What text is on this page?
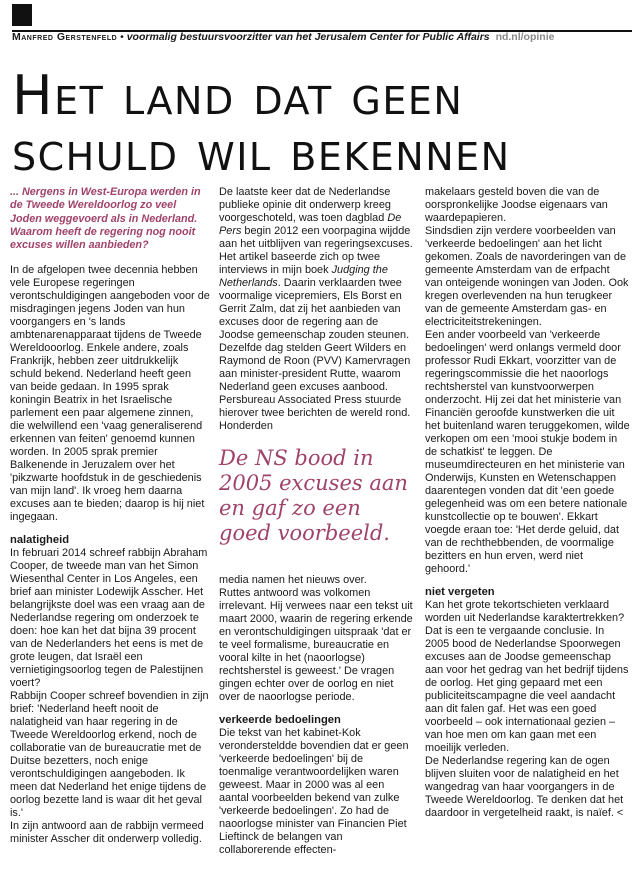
Manfred Gerstenfeld • voormalig bestuursvoorzitter van het Jerusalem Center for Public Affairs nd.nl/opinie
Het land dat geen
schuld wil bekennen

... Nergens in West-Europa werden in de Tweede Wereldoorlog zo veel Joden weggevoerd als in Nederland. Waarom heeft de regering nog nooit excuses willen aanbieden?

In de afgelopen twee decennia hebben vele Europese regeringen verontschuldigingen aangeboden voor de misdragingen jegens Joden van hun voorgangers en 's lands ambtenarenapparaat tijdens de Tweede Wereldooorlog. Enkele andere, zoals Frankrijk, hebben zeer uitdrukkelijk schuld bekend. Nederland heeft geen van beide gedaan. In 1995 sprak koningin Beatrix in het Israelische parlement een paar algemene zinnen, die welwillend een 'vaag generaliserend erkennen van feiten' genoemd kunnen worden. In 2005 sprak premier Balkenende in Jeruzalem over het 'pikzwarte hoofdstuk in de geschiedenis van mijn land'. Ik vroeg hem daarna excuses aan te bieden; daarop is hij niet ingegaan.

nalatigheid

In februari 2014 schreef rabbijn Abraham Cooper, de tweede man van het Simon Wiesenthal Center in Los Angeles, een brief aan minister Lodewijk Asscher. Het belangrijkste doel was een vraag aan de Nederlandse regering om onderzoek te doen: hoe kan het dat bijna 39 procent van de Nederlanders het eens is met de grote leugen, dat Israël een vernietigingsoorlog tegen de Palestijnen voert?

Rabbijn Cooper schreef bovendien in zijn brief: 'Nederland heeft nooit de nalatigheid van haar regering in de Tweede Wereldoorlog erkend, noch de collaboratie van de bureaucratie met de Duitse bezetters, noch enige verontschuldigingen aangeboden. Ik meen dat Nederland het enige tijdens de oorlog bezette land is waar dit het geval is.'

In zijn antwoord aan de rabbijn vermeed minister Asscher dit onderwerp volledig.

De laatste keer dat de Nederlandse publieke opinie dit onderwerp kreeg voorgeschoteld, was toen dagblad De Pers begin 2012 een voorpagina wijdde aan het uitblijven van regeringsexcuses. Het artikel baseerde zich op twee interviews in mijn boek Judging the Netherlands. Daarin verklaarden twee voormalige vicepremiers, Els Borst en Gerrit Zalm, dat zij het aanbieden van excuses door de regering aan de Joodse gemeenschap zouden steunen. Dezelfde dag stelden Geert Wilders en Raymond de Roon (PVV) Kamervragen aan minister-president Rutte, waarom Nederland geen excuses aanbood. Persbureau Associated Press stuurde hierover twee berichten de wereld rond. Honderden

De NS bood in 2005 excuses aan en gaf zo een goed voorbeeld.

media namen het nieuws over.

Ruttes antwoord was volkomen irrelevant. Hij verwees naar een tekst uit maart 2000, waarin de regering erkende en verontschuldigingen uitspraak 'dat er te veel formalisme, bureaucratie en vooral kilte in het (naoorlogse) rechtsherstel is geweest.' De vragen gingen echter over de oorlog en niet over de naoorlogse periode.

verkeerde bedoelingen

Die tekst van het kabinet-Kok verondersteldde bovendien dat er geen 'verkeerde bedoelingen' bij de toenmalige verantwoordelijken waren geweest. Maar in 2000 was al een aantal voorbeelden bekend van zulke 'verkeerde bedoelingen'. Zo had de naoorlogse minister van Financien Piet Lieftinck de belangen van collaborerende effecten-

makelaars gesteld boven die van de oorspronkelijke Joodse eigenaars van waardepapieren.

Sindsdien zijn verdere voorbeelden van 'verkeerde bedoelingen' aan het licht gekomen. Zoals de navorderingen van de gemeente Amsterdam van de erfpacht van onteigende woningen van Joden. Ook kregen overlevenden na hun terugkeer van de gemeente Amsterdam gas- en electriciteitstrekeningen.

Een ander voorbeeld van 'verkeerde bedoelingen' werd onlangs vermeld door professor Rudi Ekkart, voorzitter van de regeringscommissie die het naoorlogs rechtsherstel van kunstvoorwerpen onderzocht. Hij zei dat het ministerie van Financiën geroofde kunstwerken die uit het buitenland waren teruggekomen, wilde verkopen om een 'mooi stukje bodem in de schatkist' te leggen. De museumdirecteuren en het ministerie van Onderwijs, Kunsten en Wetenschappen daarentegen vonden dat dit 'een goede gelegenheid was om een betere nationale kunstcollectie op te bouwen'. Ekkart voegde eraan toe: 'Het derde geluid, dat van de rechthebbenden, de voormalige bezitters en hun erven, werd niet gehoord.'

niet vergeten

Kan het grote tekortschieten verklaard worden uit Nederlandse karaktertrekken? Dat is een te vergaande conclusie. In 2005 bood de Nederlandse Spoorwegen excuses aan de Joodse gemeenschap aan voor het gedrag van het bedrijf tijdens de oorlog. Het ging gepaard met een publiciteitscampagne die veel aandacht aan dit falen gaf. Het was een goed voorbeeld – ook internationaal gezien – van hoe men om kan gaan met een moeilijk verleden.

De Nederlandse regering kan de ogen blijven sluiten voor de nalatigheid en het wangedrag van haar voorgangers in de Tweede Wereldoorlog. Te denken dat het daardoor in vergetelheid raakt, is naïef. <
